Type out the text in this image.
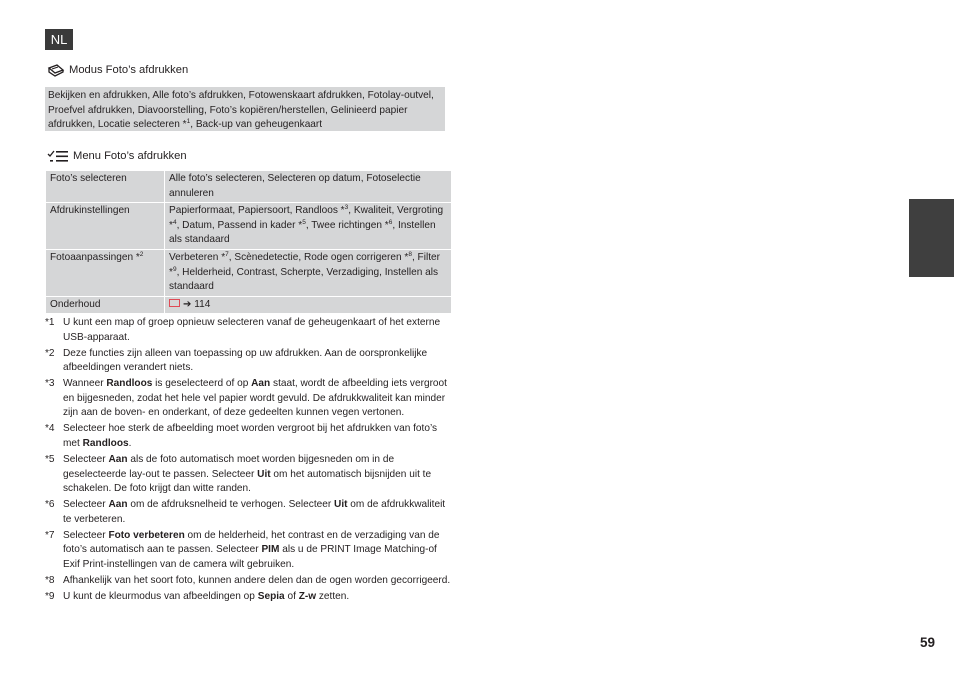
NL
59
Modus Foto’s afdrukken
Bekijken en afdrukken, Alle foto’s afdrukken, Fotowenskaart afdrukken, Fotolay-outvel, Proefvel afdrukken, Diavoorstelling, Foto’s kopiëren/herstellen, Gelinieerd papier afdrukken, Locatie selecteren *$^1$, Back-up van geheugenkaart
Menu Foto’s afdrukken
Foto’s selecteren	Alle foto’s selecteren, Selecteren op datum, Fotoselectie annuleren
Afdrukinstellingen	Papierformaat, Papiersoort, Randloos *$^3$, Kwaliteit, Vergroting *$^4$, Datum, Passend in kader *$^5$, Twee richtingen *$^6$, Instellen als standaard
Fotoaanpassingen *$^2$	Verbeteren *$^7$, Scènedetectie, Rode ogen corrigeren *$^8$, Filter *$^9$, Helderheid, Contrast, Scherpte, Verzadiging, Instellen als standaard
Onderhoud	➔ 114
*1 U kunt een map of groep opnieuw selecteren vanaf de geheugenkaart of het externe USB-apparaat.
*2 Deze functies zijn alleen van toepassing op uw afdrukken. Aan de oorspronkelijke afbeeldingen verandert niets.
*3 Wanneer Randloos is geselecteerd of op Aan staat, wordt de afbeelding iets vergroot en bijgesneden, zodat het hele vel papier wordt gevuld. De afdrukkwaliteit kan minder zijn aan de boven- en onderkant, of deze gedeelten kunnen vegen vertonen.
*4 Selecteer hoe sterk de afbeelding moet worden vergroot bij het afdrukken van foto’s met Randloos.
*5 Selecteer Aan als de foto automatisch moet worden bijgesneden om in de geselecteerde lay-out te passen. Selecteer Uit om het automatisch bijsnijden uit te schakelen. De foto krijgt dan witte randen.
*6 Selecteer Aan om de afdruksnelheid te verhogen. Selecteer Uit om de afdrukkwaliteit te verbeteren.
*7 Selecteer Foto verbeteren om de helderheid, het contrast en de verzadiging van de foto’s automatisch aan te passen. Selecteer PIM als u de PRINT Image Matching-of Exif Print-instellingen van de camera wilt gebruiken.
*8 Afhankelijk van het soort foto, kunnen andere delen dan de ogen worden gecorrigeerd.
*9 U kunt de kleurmodus van afbeeldingen op Sepia of Z-w zetten.
